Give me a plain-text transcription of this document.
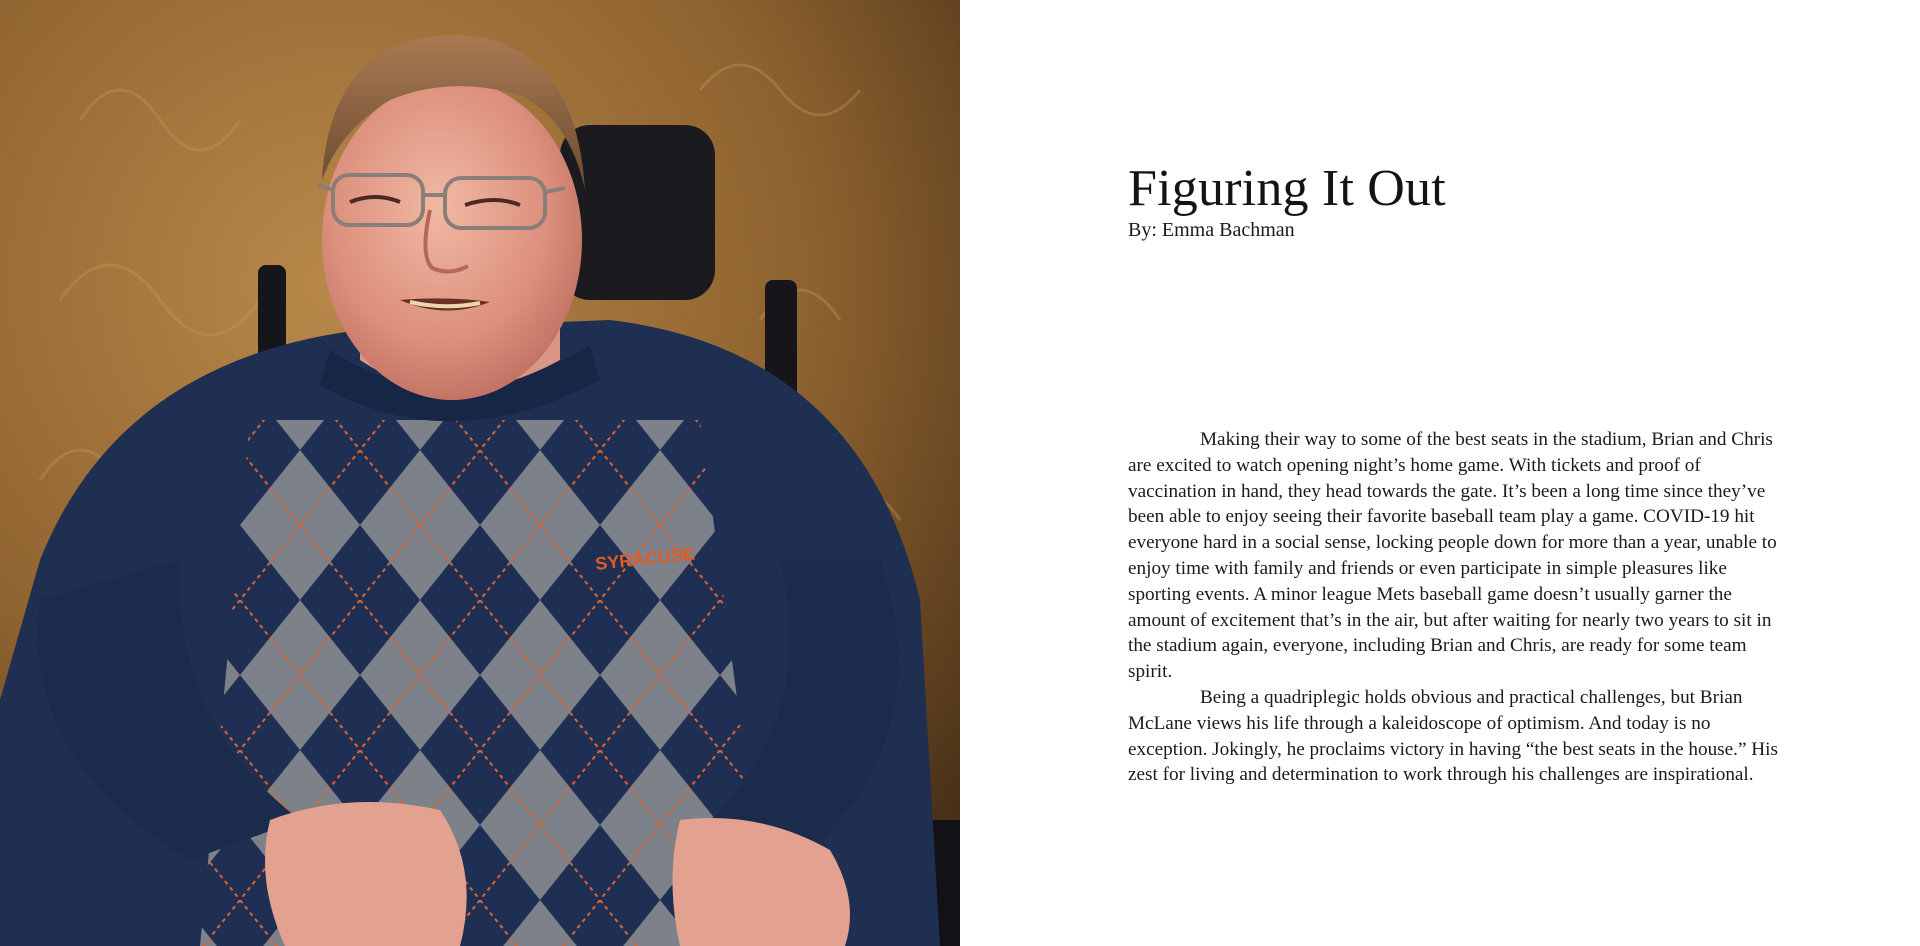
SYRACUSE
Figuring It Out

By: Emma Bachman

Making their way to some of the best seats in the stadium, Brian and Chris are excited to watch opening night’s home game. With tickets and proof of vaccination in hand, they head towards the gate. It’s been a long time since they’ve been able to enjoy seeing their favorite baseball team play a game. COVID-19 hit everyone hard in a social sense, locking people down for more than a year, unable to enjoy time with family and friends or even participate in simple pleasures like sporting events. A minor league Mets baseball game doesn’t usually garner the amount of excitement that’s in the air, but after waiting for nearly two years to sit in the stadium again, everyone, including Brian and Chris, are ready for some team spirit.

Being a quadriplegic holds obvious and practical challenges, but Brian McLane views his life through a kaleidoscope of optimism. And today is no exception. Jokingly, he proclaims victory in having “the best seats in the house.” His zest for living and determination to work through his challenges are inspirational.
